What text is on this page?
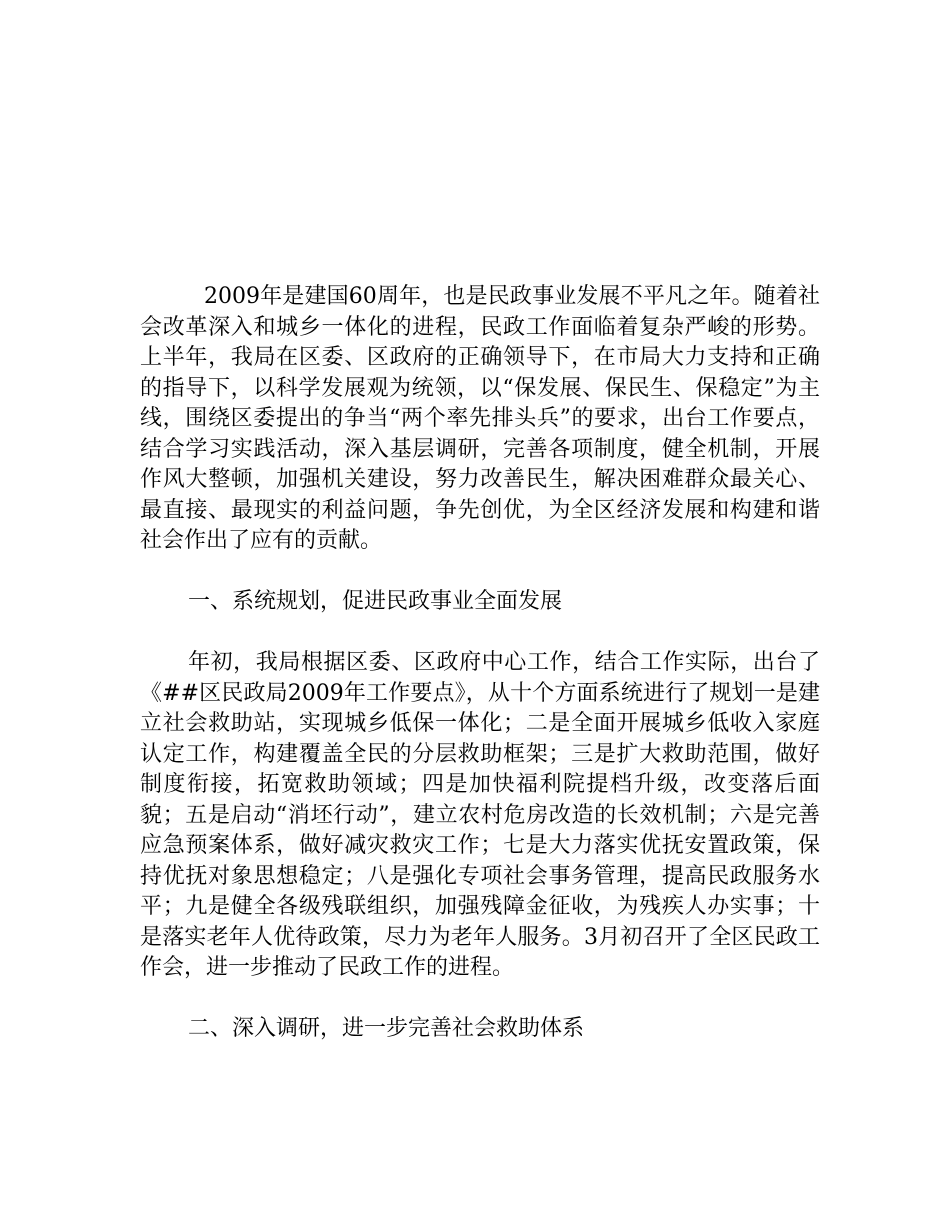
2009年是建国60周年，也是民政事业发展不平凡之年。随着社会改革深入和城乡一体化的进程，民政工作面临着复杂严峻的形势。上半年，我局在区委、区政府的正确领导下，在市局大力支持和正确的指导下，以科学发展观为统领，以“保发展、保民生、保稳定”为主线，围绕区委提出的争当“两个率先排头兵”的要求，出台工作要点，结合学习实践活动，深入基层调研，完善各项制度，健全机制，开展作风大整顿，加强机关建设，努力改善民生，解决困难群众最关心、最直接、最现实的利益问题，争先创优，为全区经济发展和构建和谐社会作出了应有的贡献。

一、系统规划，促进民政事业全面发展

年初，我局根据区委、区政府中心工作，结合工作实际，出台了《##区民政局2009年工作要点》，从十个方面系统进行了规划一是建立社会救助站，实现城乡低保一体化；二是全面开展城乡低收入家庭认定工作，构建覆盖全民的分层救助框架；三是扩大救助范围，做好制度衔接，拓宽救助领域；四是加快福利院提档升级，改变落后面貌；五是启动“消坯行动”，建立农村危房改造的长效机制；六是完善应急预案体系，做好减灾救灾工作；七是大力落实优抚安置政策，保持优抚对象思想稳定；八是强化专项社会事务管理，提高民政服务水平；九是健全各级残联组织，加强残障金征收，为残疾人办实事；十是落实老年人优待政策，尽力为老年人服务。3月初召开了全区民政工作会，进一步推动了民政工作的进程。

二、深入调研，进一步完善社会救助体系
